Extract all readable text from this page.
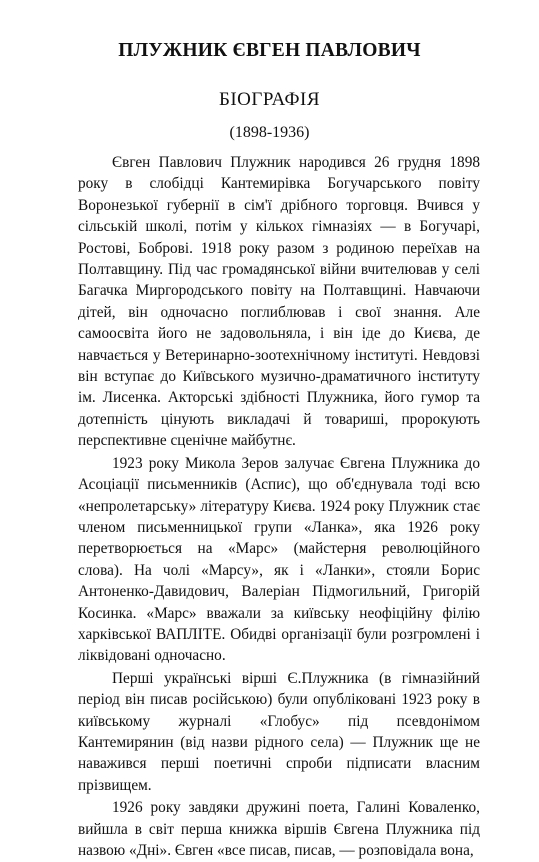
ПЛУЖНИК ЄВГЕН ПАВЛОВИЧ
БІОГРАФІЯ
(1898-1936)

Євген Павлович Плужник народився 26 грудня 1898 року в слобідці Кантемирівка Богучарського повіту Воронезької губернії в сім'ї дрібного торговця. Вчився у сільській школі, потім у кількох гімназіях — в Богучарі, Ростові, Боброві. 1918 року разом з родиною переїхав на Полтавщину. Під час громадянської війни вчителював у селі Багачка Миргородського повіту на Полтавщині. Навчаючи дітей, він одночасно поглиблював і свої знання. Але самоосвіта його не задовольняла, і він іде до Києва, де навчається у Ветеринарно-зоотехнічному інституті. Невдовзі він вступає до Київського музично-драматичного інституту ім. Лисенка. Акторські здібності Плужника, його гумор та дотепність цінують викладачі й товариші, пророкують перспективне сценічне майбутнє.

1923 року Микола Зеров залучає Євгена Плужника до Асоціації письменників (Аспис), що об'єднувала тоді всю «непролетарську» літературу Києва. 1924 року Плужник стає членом письменницької групи «Ланка», яка 1926 року перетворюється на «Марс» (майстерня революційного слова). На чолі «Марсу», як і «Ланки», стояли Борис Антоненко-Давидович, Валеріан Підмогильний, Григорій Косинка. «Марс» вважали за київську неофіційну філію харківської ВАПЛІТЕ. Обидві організації були розгромлені і ліквідовані одночасно.

Перші українські вірші Є.Плужника (в гімназійний період він писав російською) були опубліковані 1923 року в київському журналі «Глобус» під псевдонімом Кантемирянин (від назви рідного села) — Плужник ще не наважився перші поетичні спроби підписати власним прізвищем.

1926 року завдяки дружині поета, Галині Коваленко, вийшла в світ перша книжка віршів Євгена Плужника під назвою «Дні». Євген «все писав, писав, — розповідала вона,
